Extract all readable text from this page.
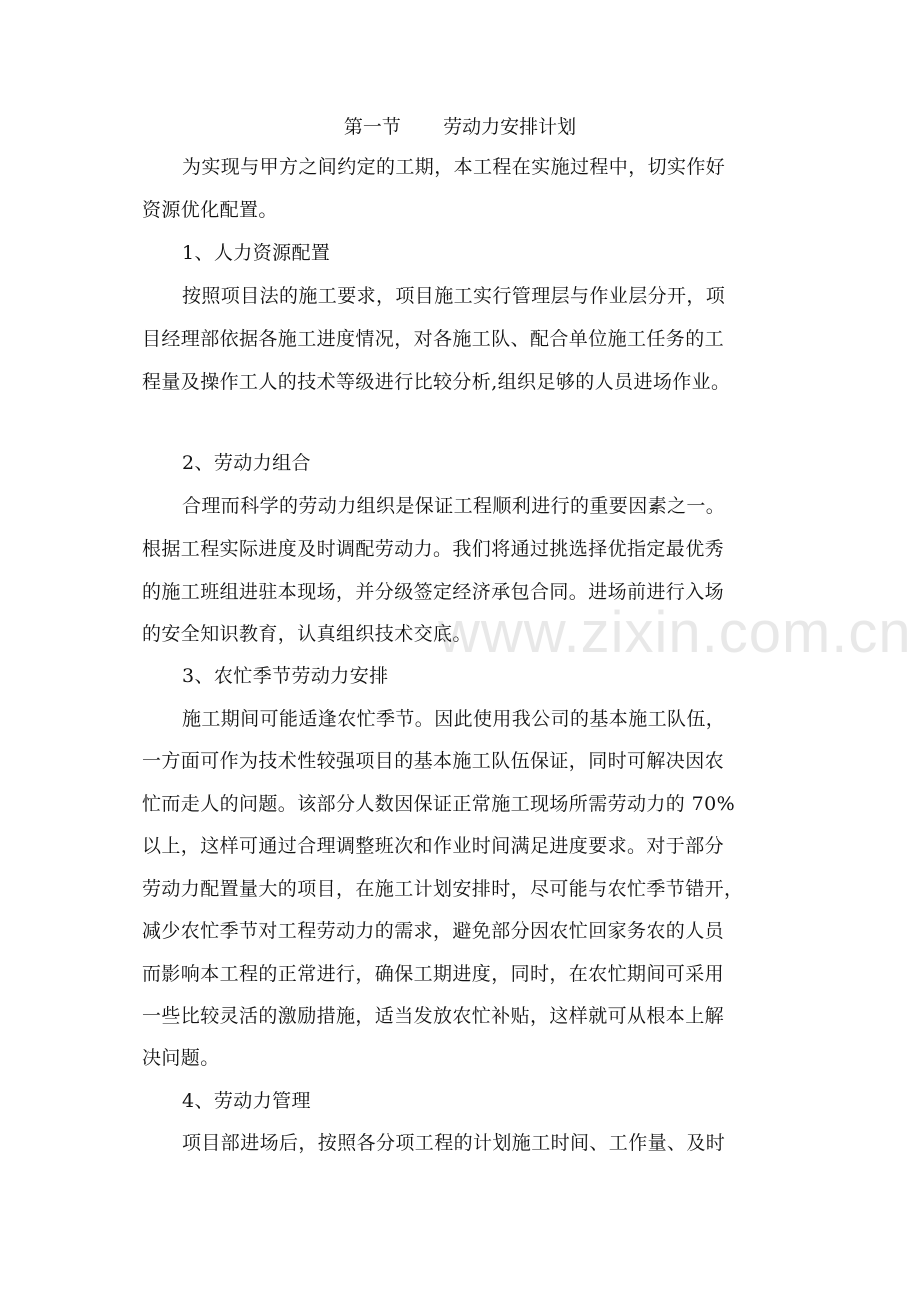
第一节       劳动力安排计划
为实现与甲方之间约定的工期，本工程在实施过程中，切实作好
资源优化配置。
1、人力资源配置
按照项目法的施工要求，项目施工实行管理层与作业层分开，项
目经理部依据各施工进度情况，对各施工队、配合单位施工任务的工
程量及操作工人的技术等级进行比较分析,组织足够的人员进场作业。
2、劳动力组合
合理而科学的劳动力组织是保证工程顺利进行的重要因素之一。
根据工程实际进度及时调配劳动力。我们将通过挑选择优指定最优秀
的施工班组进驻本现场，并分级签定经济承包合同。进场前进行入场
的安全知识教育，认真组织技术交底。
3、农忙季节劳动力安排
施工期间可能适逢农忙季节。因此使用我公司的基本施工队伍，
一方面可作为技术性较强项目的基本施工队伍保证，同时可解决因农
忙而走人的问题。该部分人数因保证正常施工现场所需劳动力的 70%
以上，这样可通过合理调整班次和作业时间满足进度要求。对于部分
劳动力配置量大的项目，在施工计划安排时，尽可能与农忙季节错开，
减少农忙季节对工程劳动力的需求，避免部分因农忙回家务农的人员
而影响本工程的正常进行，确保工期进度，同时，在农忙期间可采用
一些比较灵活的激励措施，适当发放农忙补贴，这样就可从根本上解
决问题。
4、劳动力管理
项目部进场后，按照各分项工程的计划施工时间、工作量、及时
www.zixin.com.cn
